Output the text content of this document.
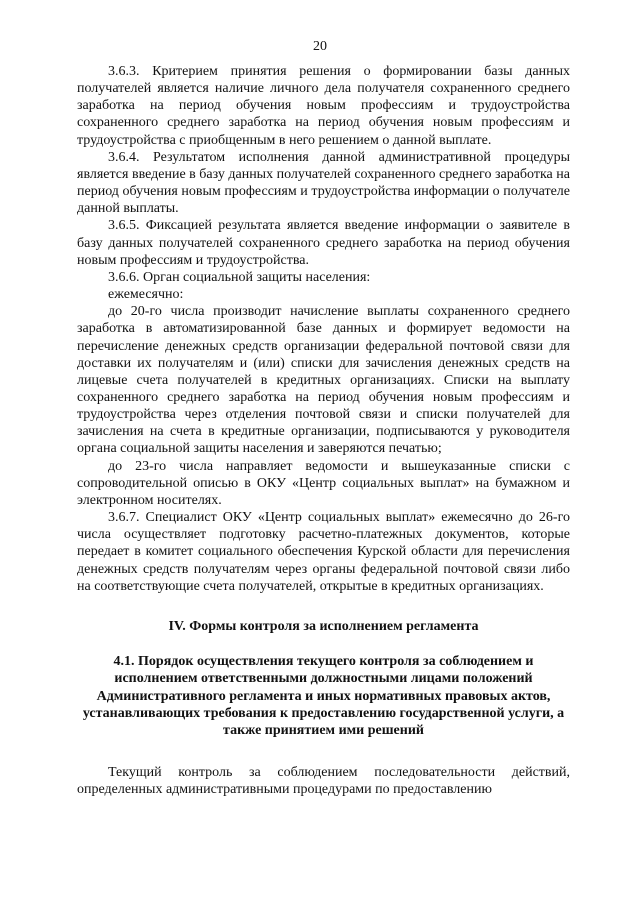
20

3.6.3. Критерием принятия решения о формировании базы данных получателей является наличие личного дела получателя сохраненного среднего заработка на период обучения новым профессиям и трудоустройства сохраненного среднего заработка на период обучения новым профессиям и трудоустройства с приобщенным в него решением о данной выплате.

3.6.4. Результатом исполнения данной административной процедуры является введение в базу данных получателей сохраненного среднего заработка на период обучения новым профессиям и трудоустройства информации о получателе данной выплаты.

3.6.5. Фиксацией результата является введение информации о заявителе в базу данных получателей сохраненного среднего заработка на период обучения новым профессиям и трудоустройства.

3.6.6. Орган социальной защиты населения:

ежемесячно:

до 20-го числа производит начисление выплаты сохраненного среднего заработка в автоматизированной базе данных и формирует ведомости на перечисление денежных средств организации федеральной почтовой связи для доставки их получателям и (или) списки для зачисления денежных средств на лицевые счета получателей в кредитных организациях. Списки на выплату сохраненного среднего заработка на период обучения новым профессиям и трудоустройства через отделения почтовой связи и списки получателей для зачисления на счета в кредитные организации, подписываются у руководителя органа социальной защиты населения и заверяются печатью;

до 23-го числа направляет ведомости и вышеуказанные списки с сопроводительной описью в ОКУ «Центр социальных выплат» на бумажном и электронном носителях.

3.6.7. Специалист ОКУ «Центр социальных выплат» ежемесячно до 26-го числа осуществляет подготовку расчетно-платежных документов, которые передает в комитет социального обеспечения Курской области для перечисления денежных средств получателям через органы федеральной почтовой связи либо на соответствующие счета получателей, открытые в кредитных организациях.

IV. Формы контроля за исполнением регламента
4.1. Порядок осуществления текущего контроля за соблюдением и исполнением ответственными должностными лицами положений Административного регламента и иных нормативных правовых актов, устанавливающих требования к предоставлению государственной услуги, а также принятием ими решений

Текущий контроль за соблюдением последовательности действий, определенных административными процедурами по предоставлению
